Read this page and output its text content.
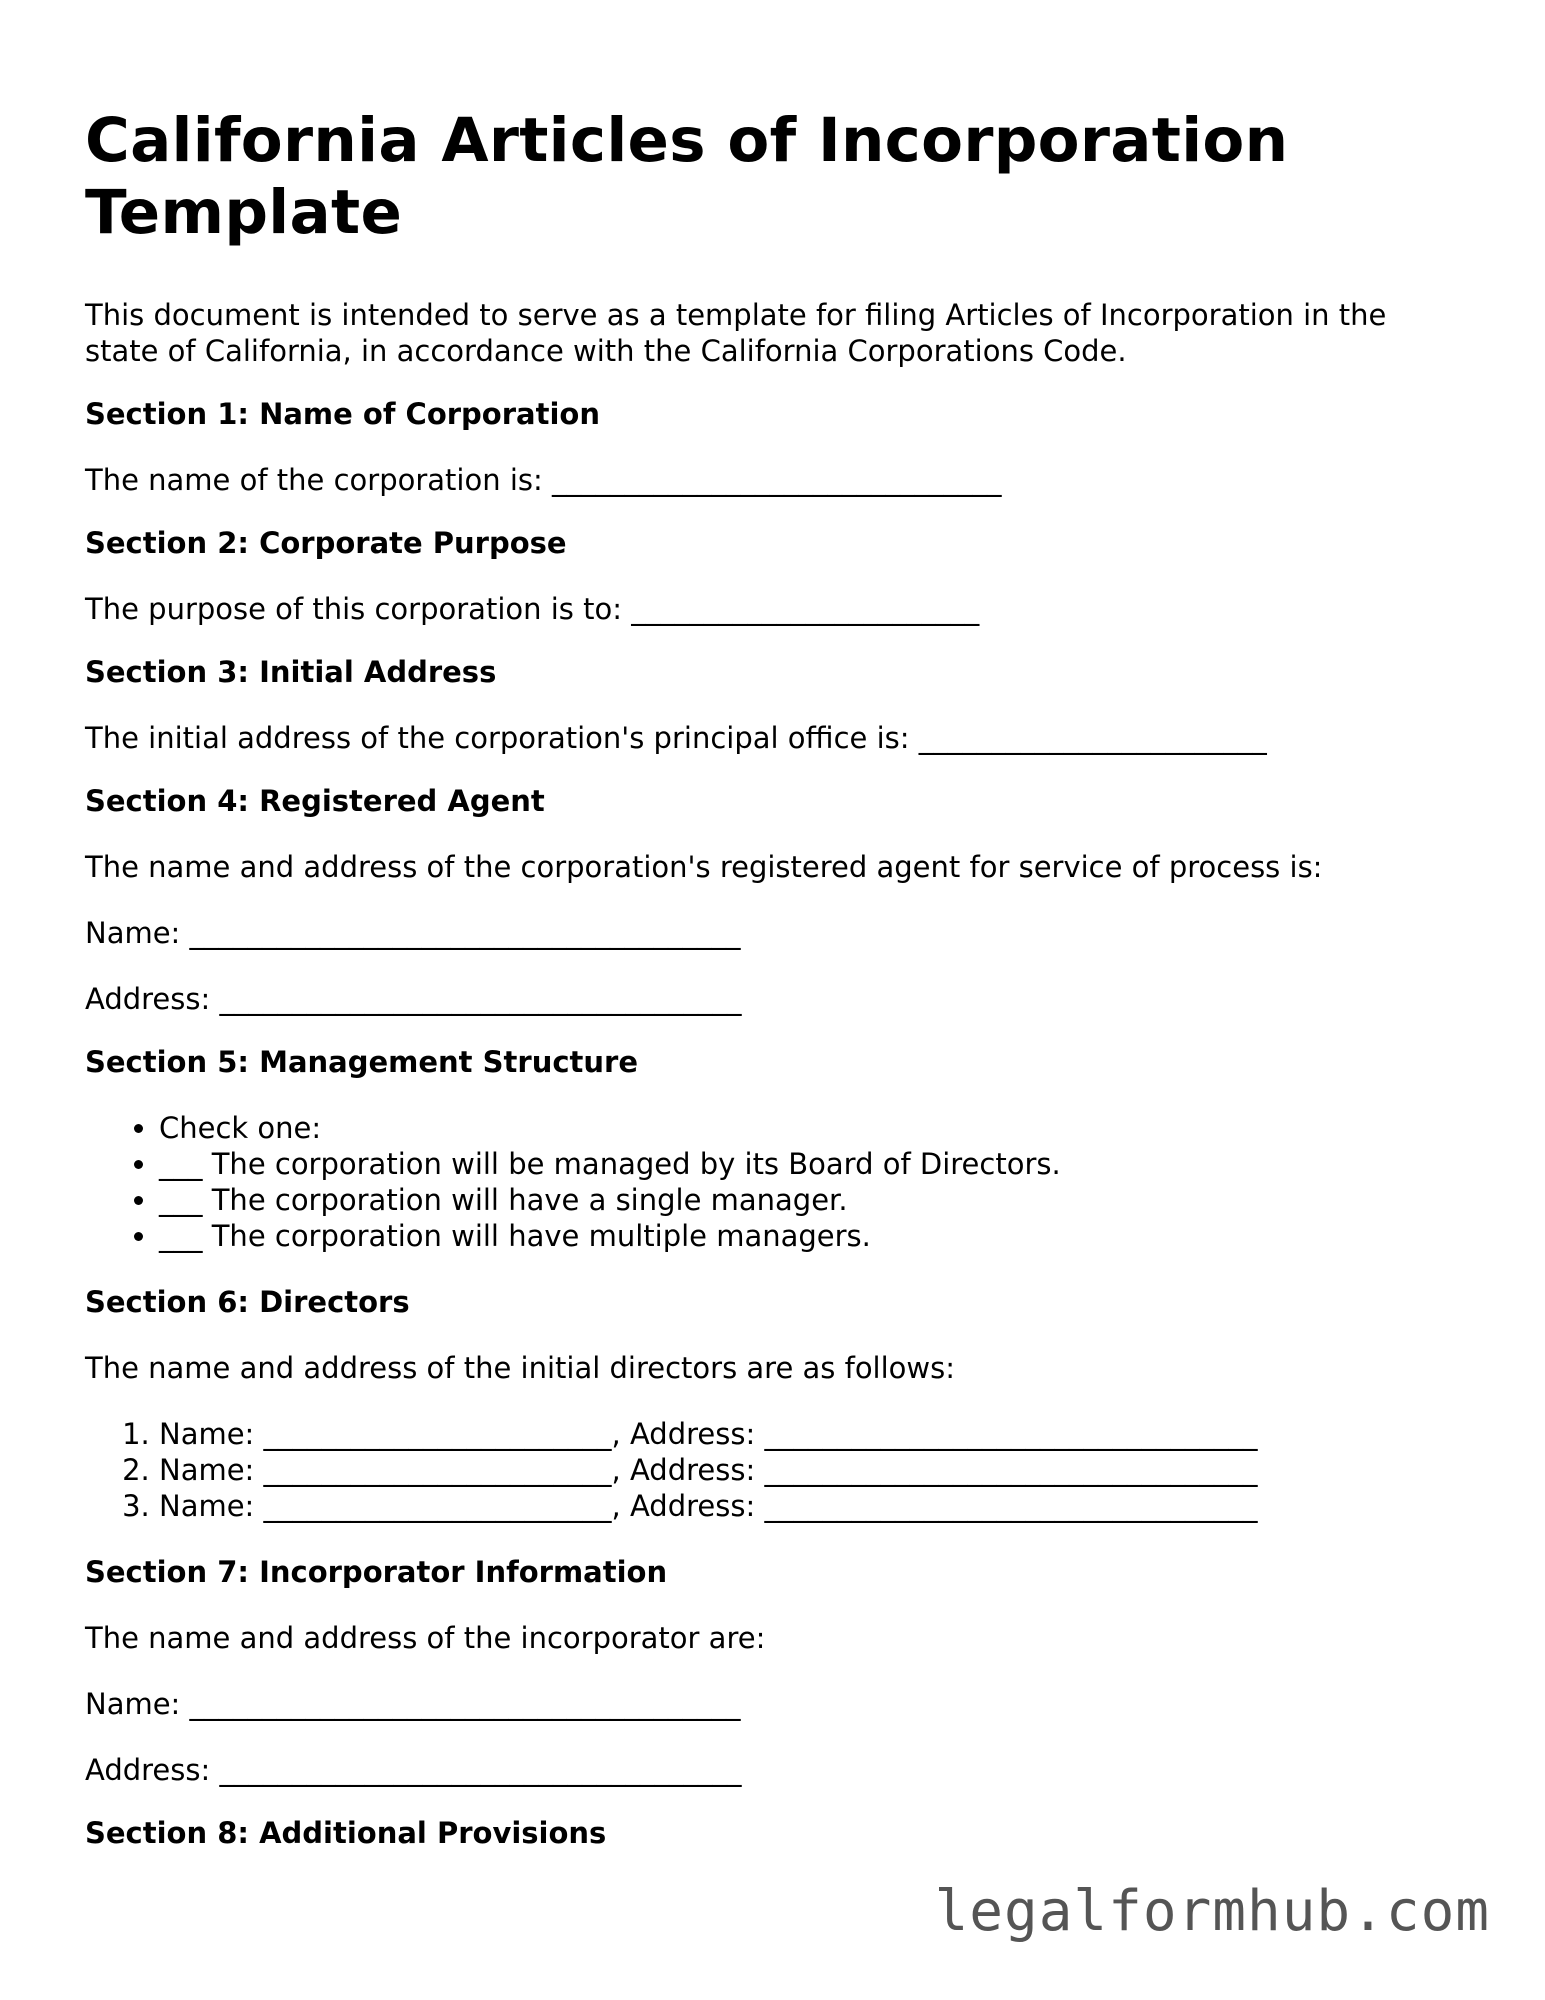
California Articles of Incorporation Template

This document is intended to serve as a template for filing Articles of Incorporation in the state of California, in accordance with the California Corporations Code.

Section 1: Name of Corporation

The name of the corporation is: _______________________________

Section 2: Corporate Purpose

The purpose of this corporation is to: ________________________

Section 3: Initial Address

The initial address of the corporation's principal office is: ________________________

Section 4: Registered Agent

The name and address of the corporation's registered agent for service of process is:

Name: ______________________________________

Address: ____________________________________

Section 5: Management Structure

• Check one:
• ___ The corporation will be managed by its Board of Directors.
• ___ The corporation will have a single manager.
• ___ The corporation will have multiple managers.

Section 6: Directors

The name and address of the initial directors are as follows:

1. Name: ________________________, Address: __________________________________
2. Name: ________________________, Address: __________________________________
3. Name: ________________________, Address: __________________________________

Section 7: Incorporator Information

The name and address of the incorporator are:

Name: ______________________________________

Address: ____________________________________

Section 8: Additional Provisions

legalformhub.com
